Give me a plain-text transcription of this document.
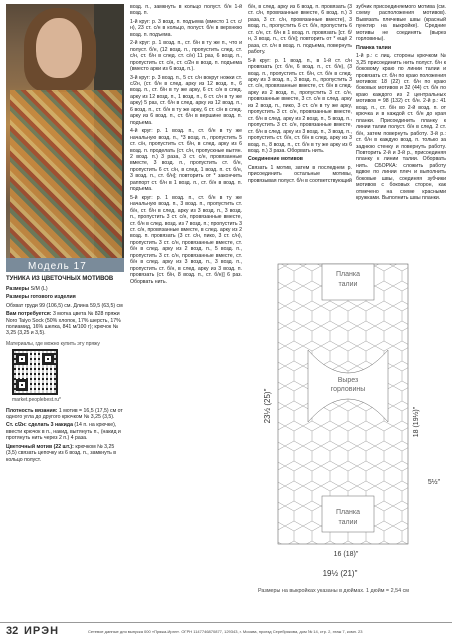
Модель 17
ТУНИКА ИЗ ЦВЕТОЧНЫХ МОТИВОВ
Размеры S/M (L)
Размеры готового изделия
Обхват груди 99 (106,5) см. Длина 59,5 (63,5) см
Вам потребуется: 3 мотка цвета № 828 пряжи Noro Taiyo Sock (50% хлопок, 17% шерсть, 17% полиамид, 16% шелка, 841 м/100 г); крючок № 3,25 (3,25 и 3,5).
Материалы, где можно купить эту пряжу
market.peoplebest.ru*
Плотность вязания: 1 мотив = 16,5 (17,5) см от одного угла до другого крючком № 3,25 (3,5).
Ст. с/2н: сделать 3 накида (14 п. на крючке), ввести крючок в п., накид, вытянуть п., (накид и протянуть нить через 2 п.) 4 раза.
Цветочный мотив (22 шт.): крючком № 3,25 (3,5) связать цепочку из 6 возд. п., замкнуть в кольцо полуст.
возд. п., замкнуть в кольцо полуст. б/н 1-й возд. п.
1-й круг: р. 3 возд. п. подъема (вместо 1 ст. с/н), 23 ст. с/н в кольцо, полуст. б/н в верхнюю возд. п. подъема.
2-й круг: р. 1 возд. п., ст. б/н в ту же п., что и полуст. б/н, (12 возд. п., пропустить след. ст. с/н, ст. б/н в след. ст. с/н) 11 раз, 6 возд. п., пропустить ст. с/н, ст. с/2н в возд. п. подъема (вместо арки из 6 возд. п.).
3-й круг: р. 3 возд. п., 5 ст. с/н вокруг ножки ст. с/2н, (ст. б/н в след. арку из 12 возд. п., 6 возд. п., ст. б/н в ту же арку, 6 ст. с/н в след. арку из 12 возд. п., 1 возд. п., 6 ст. с/н в ту же арку) 5 раз, ст. б/н в след. арку из 12 возд. п., 6 возд. п., ст. б/н в ту же арку, 6 ст. с/н в след. арку из 6 возд. п., ст. б/н в вершине возд. п. подъема.
4-й круг: р. 1 возд. п., ст. б/н в ту же начальную возд. п., *3 возд. п., пропустить 5 ст. с/н, пропустить ст. б/н, в след. арку из 6 возд. п. проделать (ст. с/н, пропускные вытян. 2 возд. п.) 3 раза, 3 ст. с/н, провязанные вместе, 3 возд. п., пропустить ст. б/н, пропустить 6 ст. с/н, в след. 1 возд. п. ст. б/н, 3 возд. п., ст. б/н]; повторить от * закончить раппорт ст. б/н в 1 возд. п., ст. б/н в возд. п. подъема.
5-й круг: р. 1 возд. п., ст. б/н в ту же начальную возд. п., 3 возд. п., пропустить ст. б/н, ст. б/н в след. арку из 3 возд. п., 3 возд. п., пропустить 3 ст. с/н, провязанные вместе, ст. б/н в след. возд. из 7 возд. п.; пропустить 3 ст. с/н, провязанные вместе, в след. арку из 2 возд. п. провязать (3 ст. с/н, пико, 3 ст. с/н), пропустить 3 ст. с/н, провязанные вместе, ст. б/н в след. арку из 2 возд. п., 5 возд. п., пропустить 3 ст. с/н, провязанные вместе, ст. б/н в след. арку из 3 возд. п., 3 возд. п., пропустить ст. б/н, в след. арку из 3 возд. п. провязать (ст. б/н, 8 возд. п., ст. б/н)] 6 раз. Оборвать нить.
б/н, в след. арку из 6 возд. п. провязать (3 ст. с/н, провязанные вместе, 6 возд. п.) 3 раза, 3 ст. с/н, провязанные вместе), 3 возд. п., пропустить 6 ст. б/н, пропустить 6 ст. с/н, ст. б/н в 1 возд. п. провязать [ст. б/н, 3 возд. п., ст. б/н]; повторить от * ещё 2 раза, ст. с/н в возд. п. подъема, повернуть работу.
5-й круг: р. 1 возд. п., в 1-й ст. с/н провязать (ст. б/н, 6 возд. п., ст. б/н), (3 возд. п., пропустить ст. б/н, ст. б/н в след. арку из 3 возд. п., 3 возд. п., пропустить 3 ст. с/н, провязанные вместе, ст. б/н в след. арку из 2 возд. п., пропустить 3 ст. с/н, провязанные вместе, 3 ст. с/н в след. арку из 2 возд. п., пико, 3 ст. с/н в ту же арку, пропустить 3 ст. с/н, провязанные вместе, ст. б/н в след. арку из 2 возд. п., 5 возд. п., пропустить 3 ст. с/н, провязанные вместе, ст. б/н в след. арку из 3 возд. п., 3 возд. п., пропустить ст. б/н, ст. б/н в след. арку из 3 возд. п., 8 возд. п., ст. б/н в ту же арку из 6 возд. п.) 3 раза. Оборвать нить.
Соединение мотивов
Связать 1 мотив, затем в последнем р. присоединить остальные мотивы, провязывая полуст. б/н в соответствующий
зубчик присоединяемого мотива (см. схему расположения мотивов). Вывязать плечевые швы (красный пунктир на выкройке). Средние мотивы не соединять (вырез горловины).
Планка талии
1-й р.: с лиц. стороны крючком № 3,25 присоединить нить полуст. б/н к боковому краю по линии талии и провязать ст. б/н по краю положения мотивов: 18 (22) ст. б/н по краю боковых мотивов и 32 (44) ст. б/н по краю каждого из 2 центральных мотивов = 98 (132) ст. б/н. 2-й р.: 41 возд. п., ст. б/н во 2-й возд. п. от крючка и в каждой ст. б/н до края планки. Присоединить планку к линии талии полуст. б/н в след. 2 ст. б/н, затем повернуть работу. 3-й р.: ст. б/н в каждую возд. п. только за заднюю стенку и повернуть работу. Повторить 2-й и 3-й р., присоединяя планку к линии талии. Оборвать нить. СБОРКА: сложить работу вдвое по линии плеч и выполнить боковые швы, соединяя зубчики мотивов с боковых сторон, как отмечено на схеме красными кружками. Выполнить швы планки.
Планка
талии
Вырез
горловины
Планка
талии
23½ (25)"	18 (19½)"
5½"
16 (18)"
19½ (21)"
Размеры на выкройках указаны в дюймах. 1 дюйм = 2,54 см
32 ИРЭН	Сетевое данные для выпуска 000 «Пряжа-Ирэн». ОГРН 1147746870877, 129343, г. Москва, проезд Серебрякова, дом № 14, стр. 2, этаж 7, комн. 23
